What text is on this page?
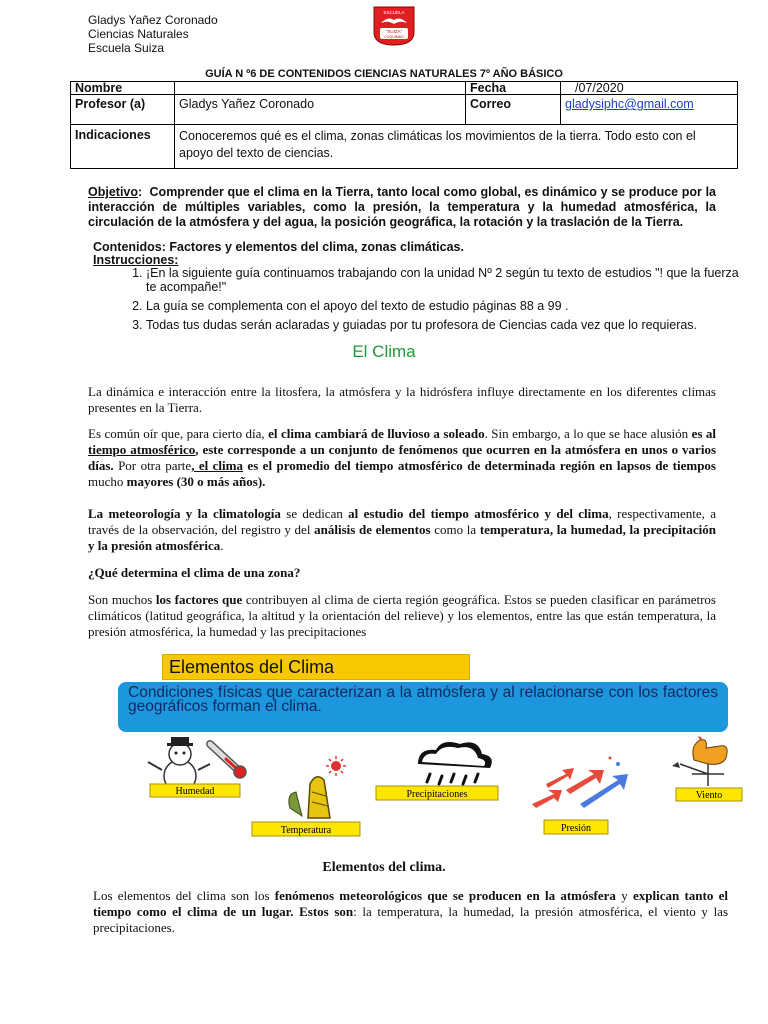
Gladys Yañez Coronado
Ciencias Naturales
Escuela Suiza
ESCUELA
"SUIZA"
COQUIMBO
GUÍA N º6 DE CONTENIDOS CIENCIAS NATURALES 7º AÑO BÁSICO
Nombre		Fecha	/07/2020
Profesor (a)	Gladys Yañez Coronado	Correo	gladysiphc@gmail.com
Indicaciones	Conoceremos qué es el clima, zonas climáticas los movimientos de la tierra. Todo esto con el apoyo del texto de ciencias.		
Objetivo:  Comprender que el clima en la Tierra, tanto local como global, es dinámico y se produce por la interacción de múltiples variables, como la presión, la temperatura y la humedad atmosférica, la circulación de la atmósfera y del agua, la posición geográfica, la rotación y la traslación de la Tierra.
Contenidos: Factores y elementos del clima, zonas climáticas.
Instrucciones:
1. ¡En la siguiente guía continuamos trabajando con la unidad Nº 2 según tu texto de estudios "! que la fuerza te acompañe!"
2. La guía se complementa con el apoyo del texto de estudio páginas 88 a 99 .
3. Todas tus dudas serán aclaradas y guiadas por tu profesora de Ciencias cada vez que lo requieras.
El Clima
La dinámica e interacción entre la litosfera, la atmósfera y la hidrósfera influye directamente en los diferentes climas presentes en la Tierra.
Es común oír que, para cierto día, el clima cambiará de lluvioso a soleado. Sin embargo, a lo que se hace alusión es al tiempo atmosférico, este corresponde a un conjunto de fenómenos que ocurren en la atmósfera en unos o varios días. Por otra parte, el clima es el promedio del tiempo atmosférico de determinada región en lapsos de tiempos mucho mayores (30 o más años).
La meteorología y la climatología se dedican al estudio del tiempo atmosférico y del clima, respectivamente, a través de la observación, del registro y del análisis de elementos como la temperatura, la humedad, la precipitación y la presión atmosférica.
¿Qué determina el clima de una zona?
Son muchos los factores que contribuyen al clima de cierta región geográfica. Estos se pueden clasificar en parámetros climáticos (latitud geográfica, la altitud y la orientación del relieve) y los elementos, entre las que están temperatura, la presión atmosférica, la humedad y las precipitaciones
Elementos del Clima
Condiciones físicas que caracterizan a la atmósfera y al relacionarse con los factores geográficos forman el clima.
Humedad
Temperatura
Precipitaciones
Presión
Viento
Elementos del clima.
Los elementos del clima son los fenómenos meteorológicos que se producen en la atmósfera y explican tanto el tiempo como el clima de un lugar. Estos son: la temperatura, la humedad, la presión atmosférica, el viento y las precipitaciones.
